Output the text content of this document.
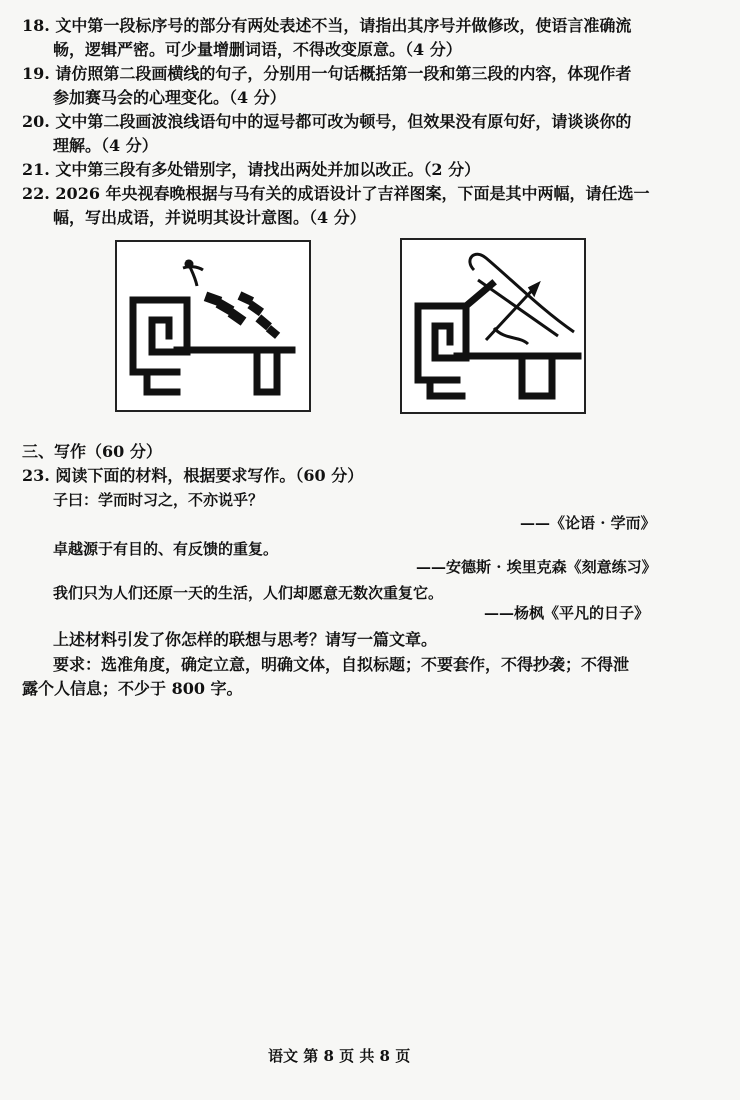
18. 文中第一段标序号的部分有两处表述不当，请指出其序号并做修改，使语言准确流
畅，逻辑严密。可少量增删词语，不得改变原意。（4 分）
19. 请仿照第二段画横线的句子，分别用一句话概括第一段和第三段的内容，体现作者
参加赛马会的心理变化。（4 分）
20. 文中第二段画波浪线语句中的逗号都可改为顿号，但效果没有原句好，请谈谈你的
理解。（4 分）
21. 文中第三段有多处错别字，请找出两处并加以改正。（2 分）
22. 2026 年央视春晚根据与马有关的成语设计了吉祥图案，下面是其中两幅，请任选一
幅，写出成语，并说明其设计意图。（4 分）
三、写作（60 分）
23. 阅读下面的材料，根据要求写作。（60 分）
子曰：学而时习之，不亦说乎？
——《论语 · 学而》
卓越源于有目的、有反馈的重复。
——安德斯 · 埃里克森《刻意练习》
我们只为人们还原一天的生活，人们却愿意无数次重复它。
——杨枫《平凡的日子》
上述材料引发了你怎样的联想与思考？请写一篇文章。
要求：选准角度，确定立意，明确文体，自拟标题；不要套作，不得抄袭；不得泄
露个人信息；不少于 800 字。
语文 第 8 页 共 8 页
